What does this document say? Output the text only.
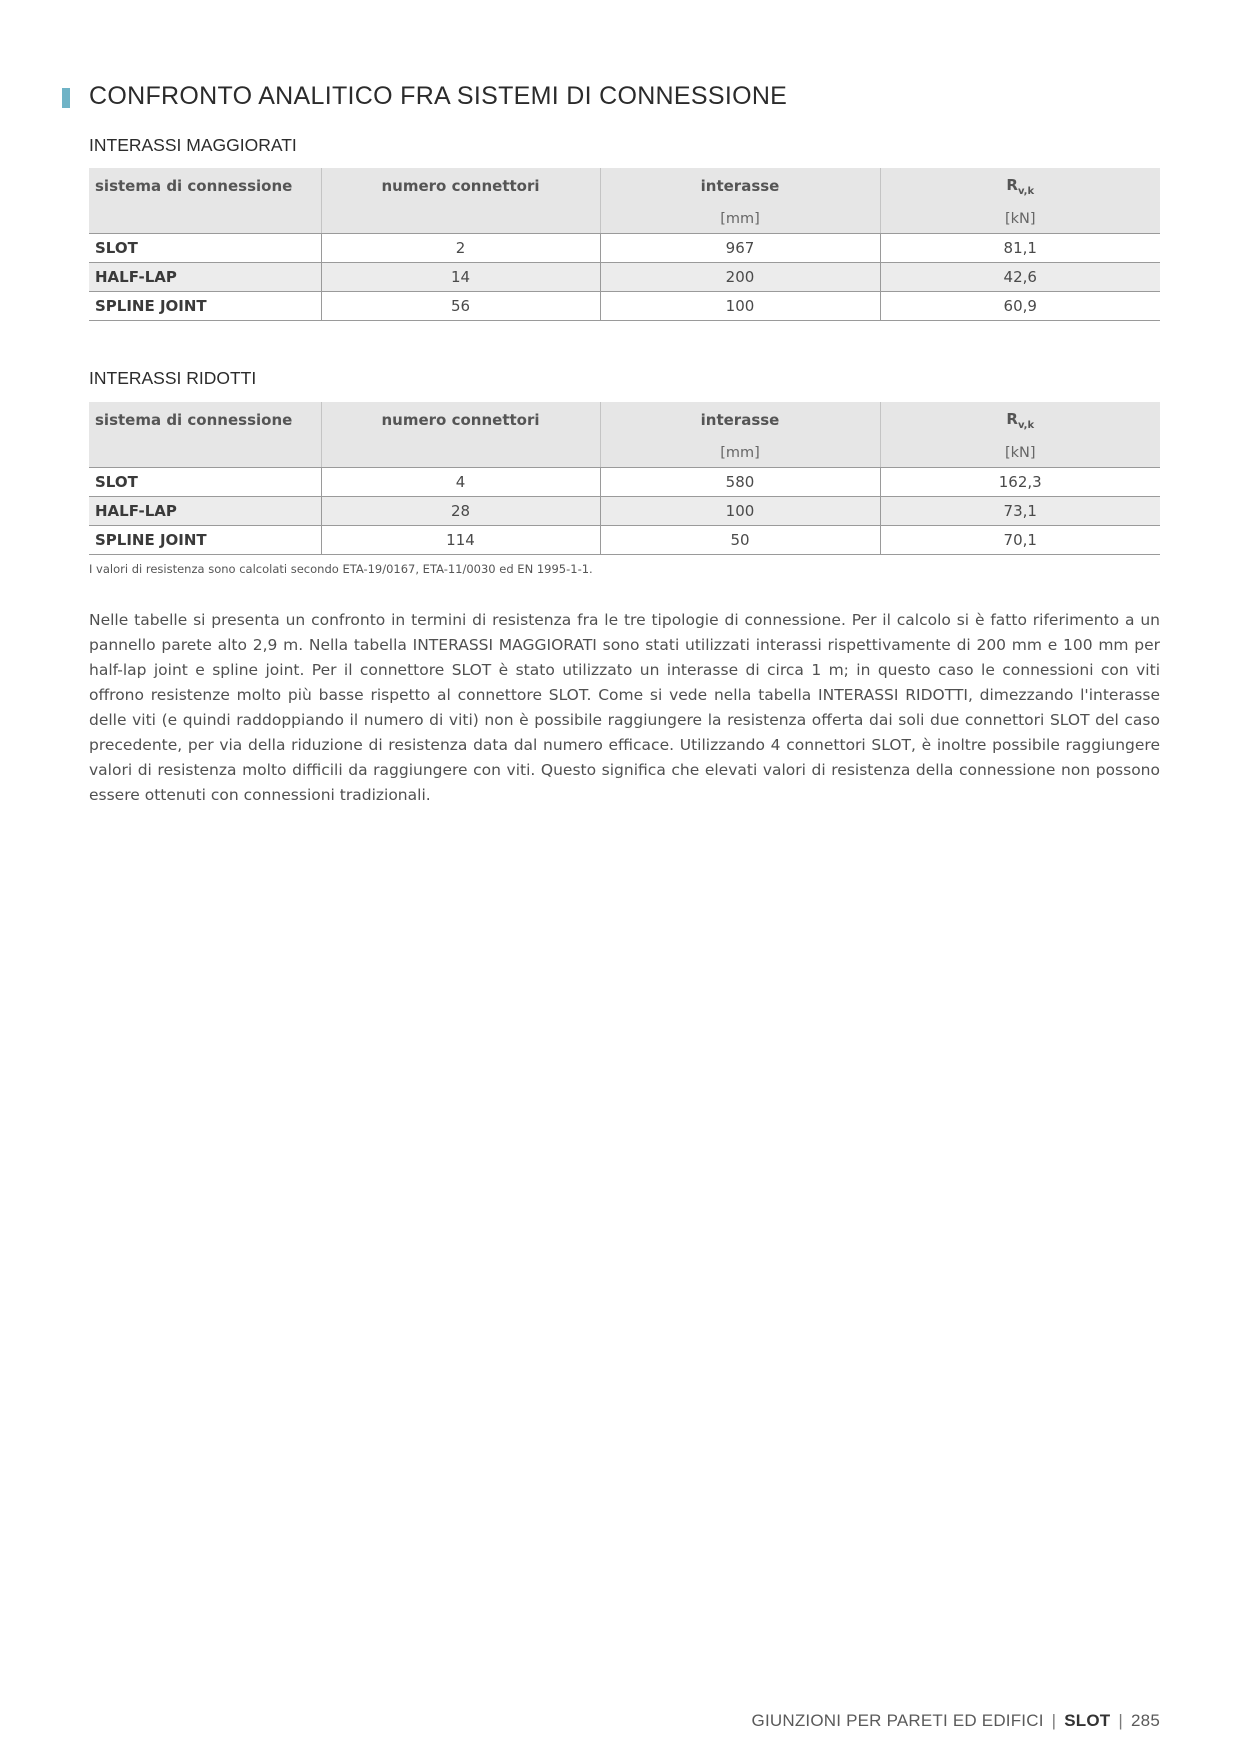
CONFRONTO ANALITICO FRA SISTEMI DI CONNESSIONE
INTERASSI MAGGIORATI
sistema di connessione	numero connettori	interasse	$R_{v,k}$
		[mm]	[kN]
SLOT	2	967	81,1
HALF-LAP	14	200	42,6
SPLINE JOINT	56	100	60,9
INTERASSI RIDOTTI
sistema di connessione	numero connettori	interasse	$R_{v,k}$
		[mm]	[kN]
SLOT	4	580	162,3
HALF-LAP	28	100	73,1
SPLINE JOINT	114	50	70,1

I valori di resistenza sono calcolati secondo ETA-19/0167, ETA-11/0030 ed EN 1995-1-1.

Nelle tabelle si presenta un confronto in termini di resistenza fra le tre tipologie di connessione. Per il calcolo si è fatto riferimento a un pannello parete alto 2,9 m. Nella tabella INTERASSI MAGGIORATI sono stati utilizzati interassi rispettivamente di 200 mm e 100 mm per half-lap joint e spline joint. Per il connettore SLOT è stato utilizzato un interasse di circa 1 m; in questo caso le connessioni con viti offrono resistenze molto più basse rispetto al connettore SLOT. Come si vede nella tabella INTERASSI RIDOTTI, dimezzando l'interasse delle viti (e quindi raddoppiando il numero di viti) non è possibile raggiungere la resistenza offerta dai soli due connettori SLOT del caso precedente, per via della riduzione di resistenza data dal numero efficace. Utilizzando 4 connettori SLOT, è inoltre possibile raggiungere valori di resistenza molto difficili da raggiungere con viti. Questo significa che elevati valori di resistenza della connessione non possono essere ottenuti con connessioni tradizionali.

GIUNZIONI PER PARETI ED EDIFICI | SLOT | 285
